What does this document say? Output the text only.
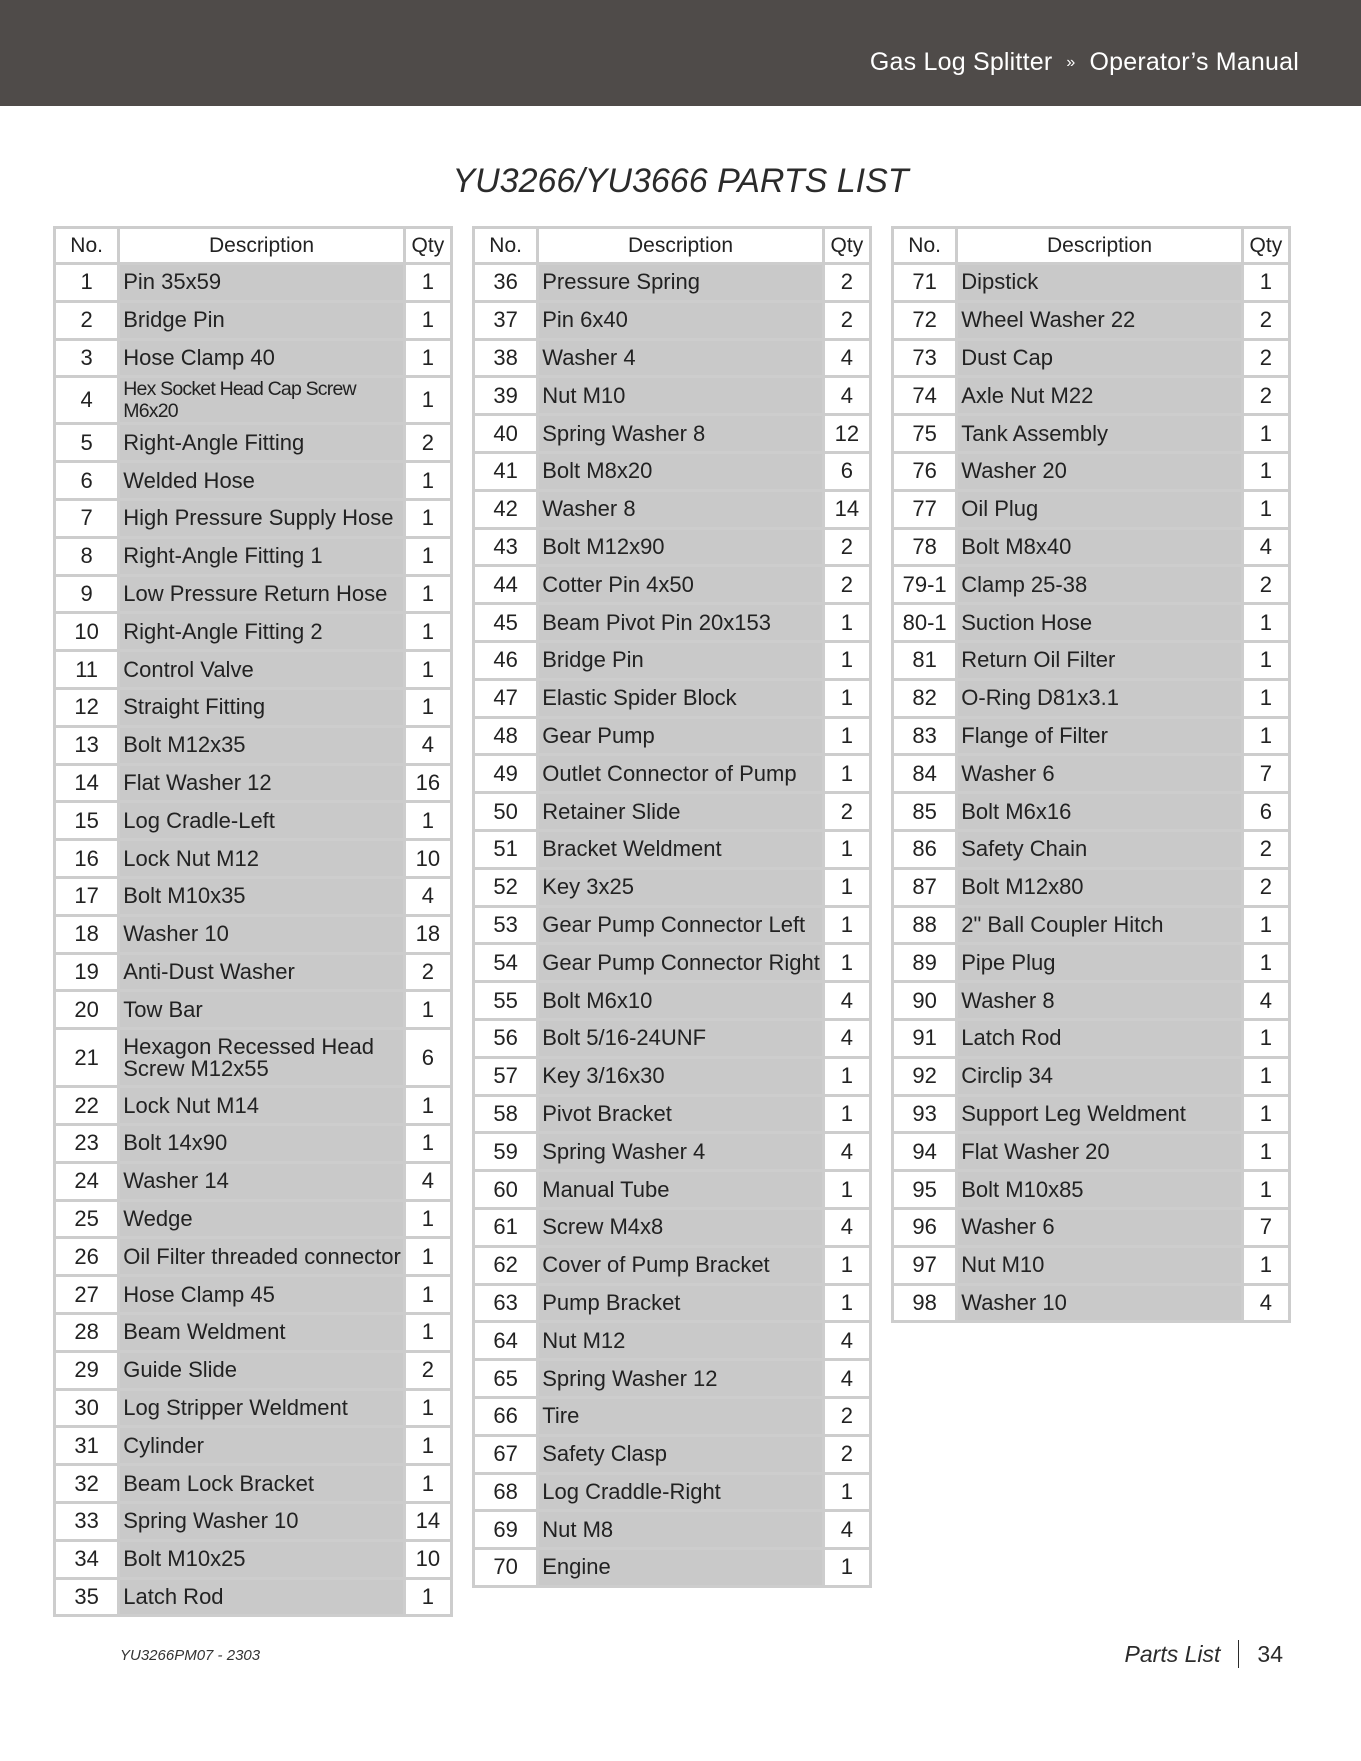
Gas Log Splitter » Operator’s Manual
YU3266/YU3666 PARTS LIST
No.	Description	Qty
1	Pin 35x59	1
2	Bridge Pin	1
3	Hose Clamp 40	1
4	Hex Socket Head Cap Screw M6x20	1
5	Right-Angle Fitting	2
6	Welded Hose	1
7	High Pressure Supply Hose	1
8	Right-Angle Fitting 1	1
9	Low Pressure Return Hose	1
10	Right-Angle Fitting 2	1
11	Control Valve	1
12	Straight Fitting	1
13	Bolt M12x35	4
14	Flat Washer 12	16
15	Log Cradle-Left	1
16	Lock Nut M12	10
17	Bolt M10x35	4
18	Washer 10	18
19	Anti-Dust Washer	2
20	Tow Bar	1
21	Hexagon Recessed Head Screw M12x55	6
22	Lock Nut M14	1
23	Bolt 14x90	1
24	Washer 14	4
25	Wedge	1
26	Oil Filter threaded connector	1
27	Hose Clamp 45	1
28	Beam Weldment	1
29	Guide Slide	2
30	Log Stripper Weldment	1
31	Cylinder	1
32	Beam Lock Bracket	1
33	Spring Washer 10	14
34	Bolt M10x25	10
35	Latch Rod	1
No.	Description	Qty
36	Pressure Spring	2
37	Pin 6x40	2
38	Washer 4	4
39	Nut M10	4
40	Spring Washer 8	12
41	Bolt M8x20	6
42	Washer 8	14
43	Bolt M12x90	2
44	Cotter Pin 4x50	2
45	Beam Pivot Pin 20x153	1
46	Bridge Pin	1
47	Elastic Spider Block	1
48	Gear Pump	1
49	Outlet Connector of Pump	1
50	Retainer Slide	2
51	Bracket Weldment	1
52	Key 3x25	1
53	Gear Pump Connector Left	1
54	Gear Pump Connector Right	1
55	Bolt M6x10	4
56	Bolt 5/16-24UNF	4
57	Key 3/16x30	1
58	Pivot Bracket	1
59	Spring Washer 4	4
60	Manual Tube	1
61	Screw M4x8	4
62	Cover of Pump Bracket	1
63	Pump Bracket	1
64	Nut M12	4
65	Spring Washer 12	4
66	Tire	2
67	Safety Clasp	2
68	Log Craddle-Right	1
69	Nut M8	4
70	Engine	1
No.	Description	Qty
71	Dipstick	1
72	Wheel Washer 22	2
73	Dust Cap	2
74	Axle Nut M22	2
75	Tank Assembly	1
76	Washer 20	1
77	Oil Plug	1
78	Bolt M8x40	4
79-1	Clamp 25-38	2
80-1	Suction Hose	1
81	Return Oil Filter	1
82	O-Ring D81x3.1	1
83	Flange of Filter	1
84	Washer 6	7
85	Bolt M6x16	6
86	Safety Chain	2
87	Bolt M12x80	2
88	2" Ball Coupler Hitch	1
89	Pipe Plug	1
90	Washer 8	4
91	Latch Rod	1
92	Circlip 34	1
93	Support Leg Weldment	1
94	Flat Washer 20	1
95	Bolt M10x85	1
96	Washer 6	7
97	Nut M10	1
98	Washer 10	4
YU3266PM07 - 2303	Parts List 34
